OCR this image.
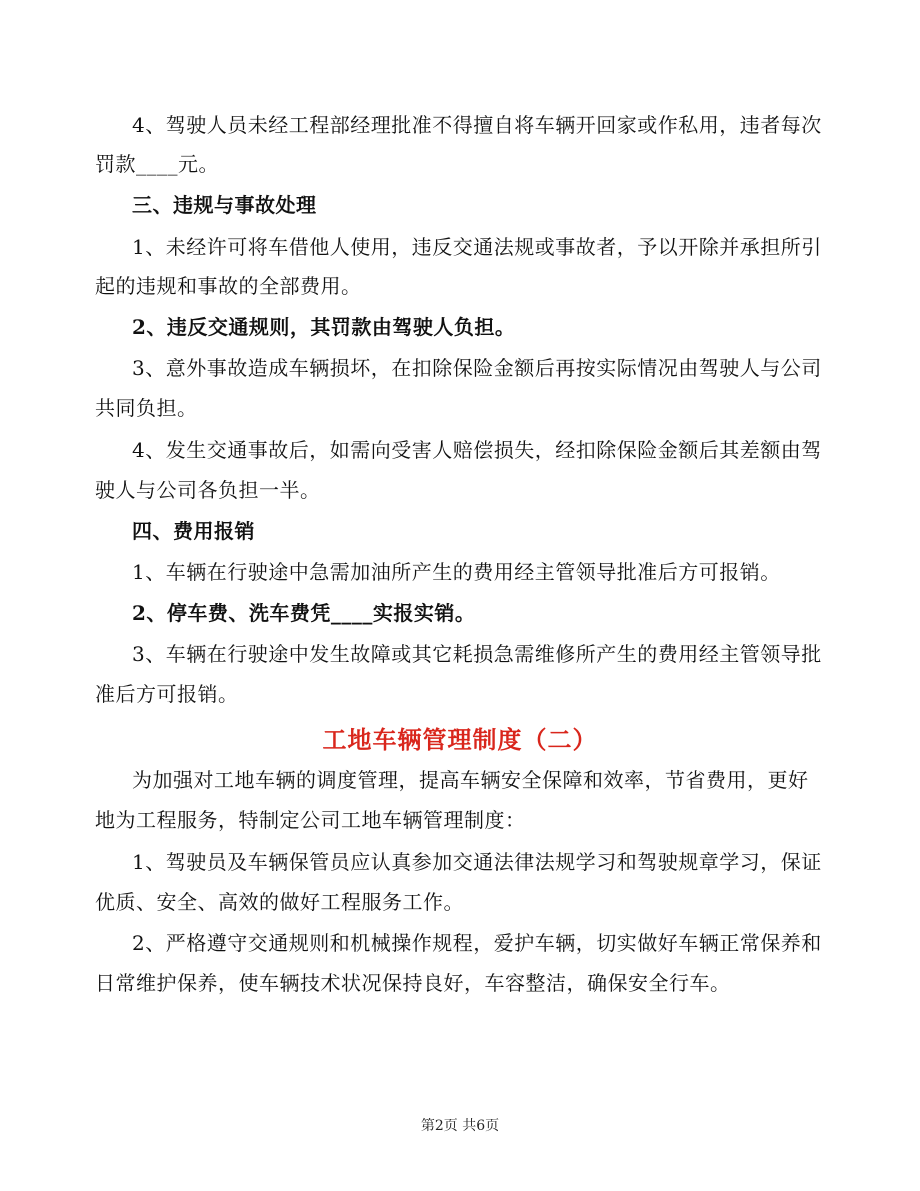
4、驾驶人员未经工程部经理批准不得擅自将车辆开回家或作私用，违者每次
罚款____元。
三、违规与事故处理
1、未经许可将车借他人使用，违反交通法规或事故者，予以开除并承担所引
起的违规和事故的全部费用。
2、违反交通规则，其罚款由驾驶人负担。
3、意外事故造成车辆损坏，在扣除保险金额后再按实际情况由驾驶人与公司
共同负担。
4、发生交通事故后，如需向受害人赔偿损失，经扣除保险金额后其差额由驾
驶人与公司各负担一半。
四、费用报销
1、车辆在行驶途中急需加油所产生的费用经主管领导批准后方可报销。
2、停车费、洗车费凭____实报实销。
3、车辆在行驶途中发生故障或其它耗损急需维修所产生的费用经主管领导批
准后方可报销。
工地车辆管理制度（二）
为加强对工地车辆的调度管理，提高车辆安全保障和效率，节省费用，更好
地为工程服务，特制定公司工地车辆管理制度：
1、驾驶员及车辆保管员应认真参加交通法律法规学习和驾驶规章学习，保证
优质、安全、高效的做好工程服务工作。
2、严格遵守交通规则和机械操作规程，爱护车辆，切实做好车辆正常保养和
日常维护保养，使车辆技术状况保持良好，车容整洁，确保安全行车。
第2页 共6页
